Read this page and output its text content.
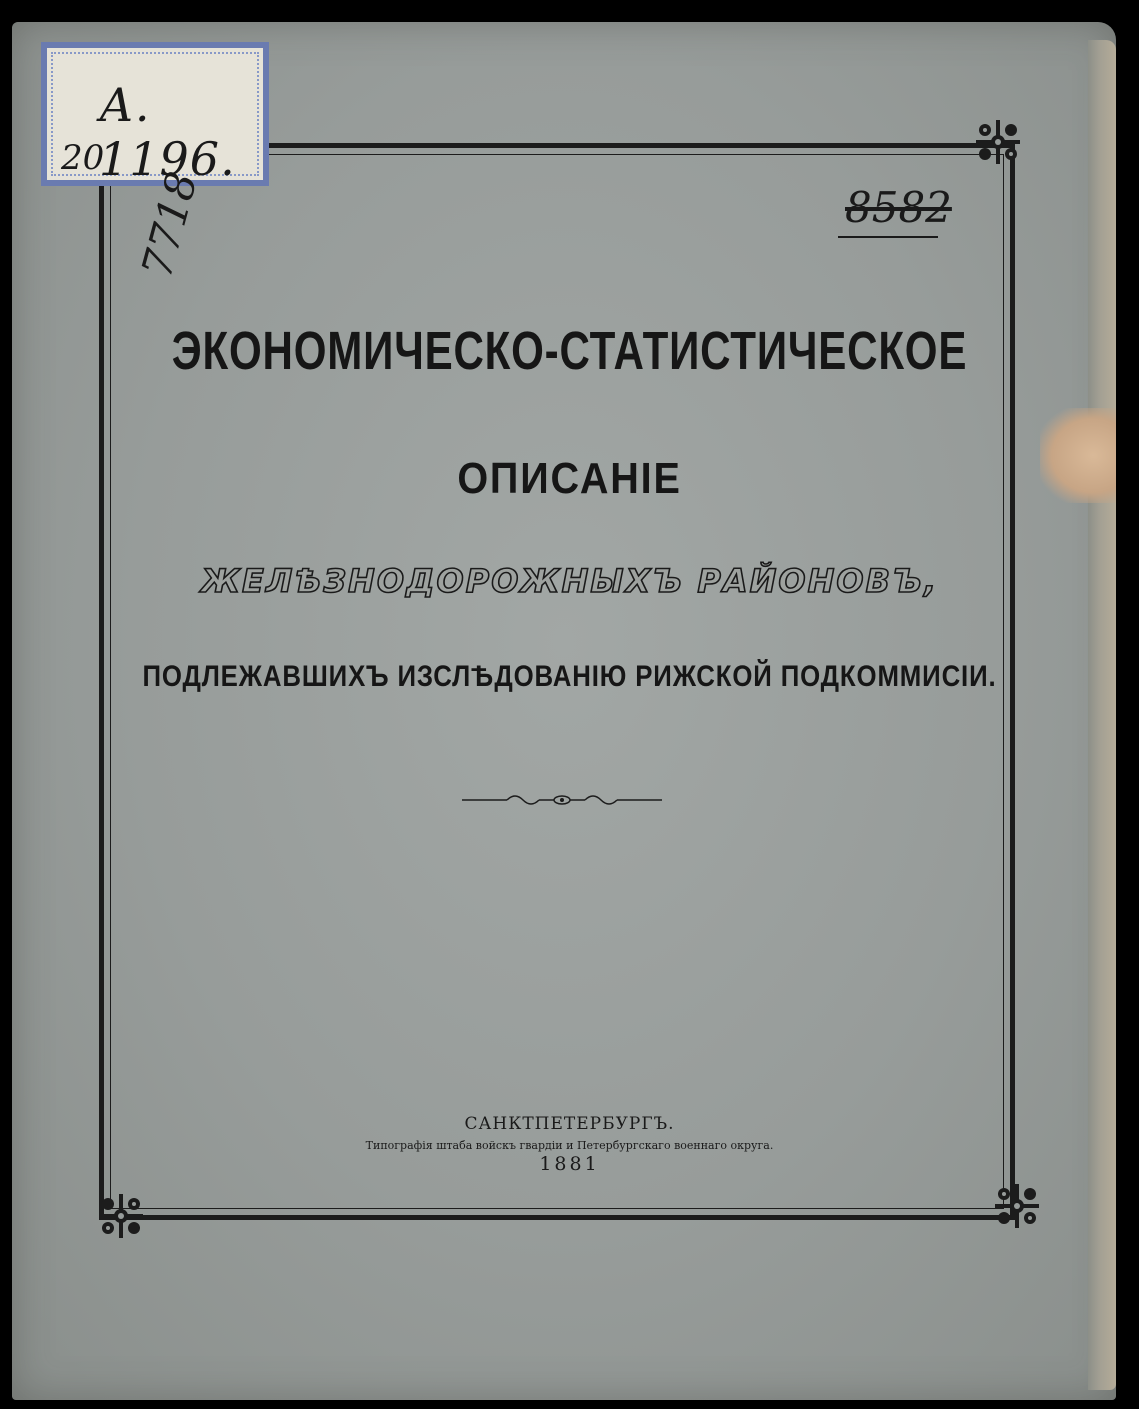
А. 1196.
20
7718	8582
ЭКОНОМИЧЕСКО-СТАТИСТИЧЕСКОЕ
ОПИСАНІЕ
ЖЕЛѢЗНОДОРОЖНЫХЪ РАЙОНОВЪ,
ПОДЛЕЖАВШИХЪ ИЗСЛѢДОВАНІЮ РИЖСКОЙ ПОДКОММИСІИ.
САНКТПЕТЕРБУРГЪ.
Типографія штаба войскъ гвардіи и Петербургскаго военнаго округа.
1881
